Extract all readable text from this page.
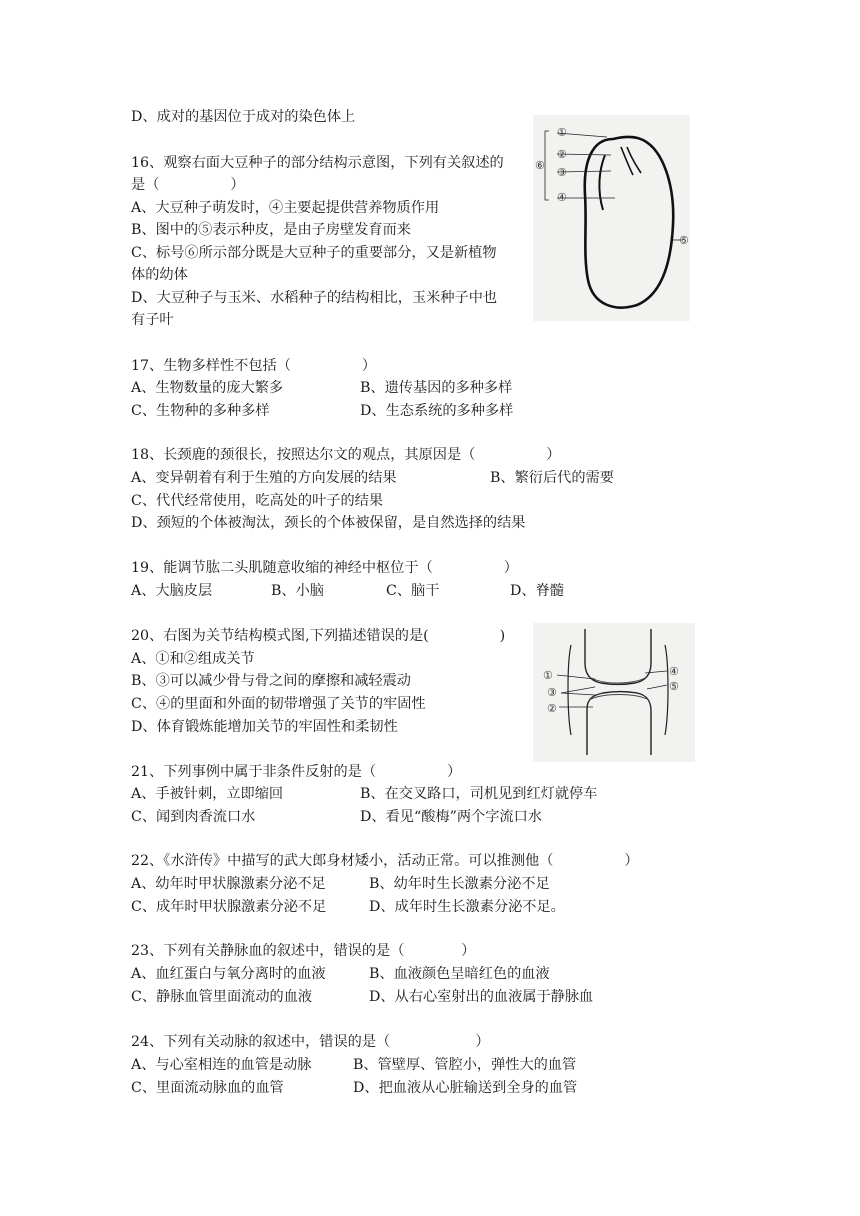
D、成对的基因位于成对的染色体上

16、观察右面大豆种子的部分结构示意图，下列有关叙述的

是（　　　　　）

A、大豆种子萌发时，④主要起提供营养物质作用

B、图中的⑤表示种皮，是由子房壁发育而来

C、标号⑥所示部分既是大豆种子的重要部分，又是新植物

体的幼体

D、大豆种子与玉米、水稻种子的结构相比，玉米种子中也

有子叶

①
②
③
④
⑤
⑥

17、生物多样性不包括（　　　　　）

A、生物数量的庞大繁多	B、遗传基因的多种多样

C、生物种的多种多样	D、生态系统的多种多样

18、长颈鹿的颈很长，按照达尔文的观点，其原因是（　　　　　）

A、变异朝着有利于生殖的方向发展的结果	B、繁衍后代的需要

C、代代经常使用，吃高处的叶子的结果

D、颈短的个体被淘汰，颈长的个体被保留，是自然选择的结果

19、能调节肱二头肌随意收缩的神经中枢位于（　　　　　）

A、大脑皮层	B、小脑	C、脑干	D、脊髓

20、右图为关节结构模式图,下列描述错误的是(　　　　　)

A、①和②组成关节

B、③可以减少骨与骨之间的摩擦和减轻震动

C、④的里面和外面的韧带增强了关节的牢固性

D、体育锻炼能增加关节的牢固性和柔韧性

①
②
③
④
⑤

21、下列事例中属于非条件反射的是（　　　　　）

A、手被针刺，立即缩回	B、在交叉路口，司机见到红灯就停车

C、闻到肉香流口水	D、看见“酸梅”两个字流口水

22、《水浒传》中描写的武大郎身材矮小，活动正常。可以推测他（　　　　　）

A、幼年时甲状腺激素分泌不足	B、幼年时生长激素分泌不足

C、成年时甲状腺激素分泌不足	D、成年时生长激素分泌不足。

23、下列有关静脉血的叙述中，错误的是（　　　　）

A、血红蛋白与氧分离时的血液	B、血液颜色呈暗红色的血液

C、静脉血管里面流动的血液	D、从右心室射出的血液属于静脉血

24、下列有关动脉的叙述中，错误的是（　　　　　　）

A、与心室相连的血管是动脉	B、管壁厚、管腔小，弹性大的血管

C、里面流动脉血的血管	D、把血液从心脏输送到全身的血管
